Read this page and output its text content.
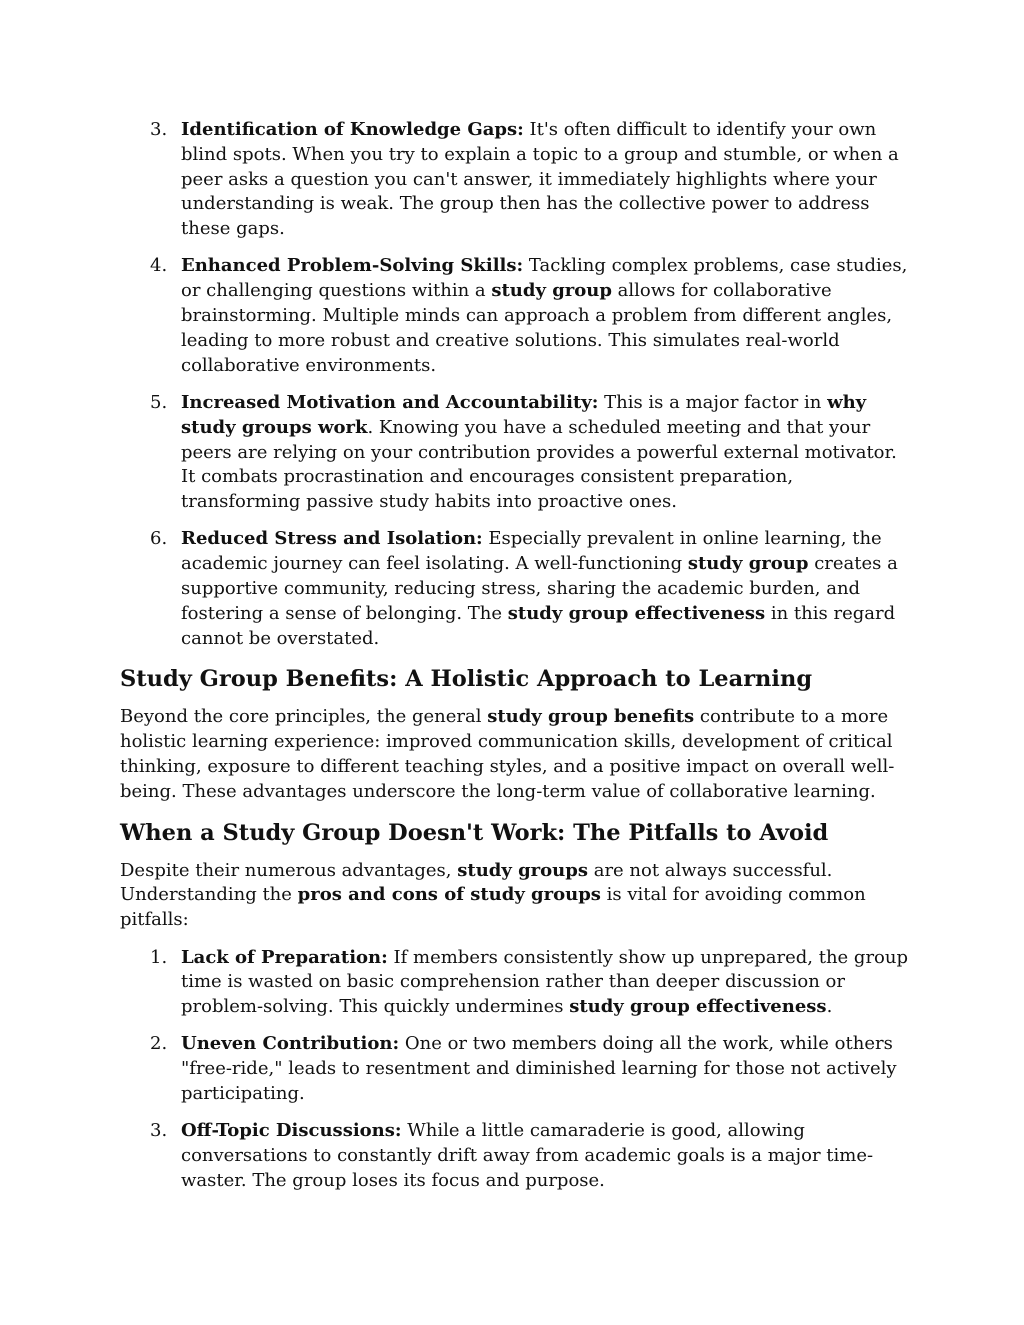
3. Identification of Knowledge Gaps: It's often difficult to identify your own blind spots. When you try to explain a topic to a group and stumble, or when a peer asks a question you can't answer, it immediately highlights where your understanding is weak. The group then has the collective power to address these gaps.
4. Enhanced Problem-Solving Skills: Tackling complex problems, case studies, or challenging questions within a study group allows for collaborative brainstorming. Multiple minds can approach a problem from different angles, leading to more robust and creative solutions. This simulates real-world collaborative environments.
5. Increased Motivation and Accountability: This is a major factor in why study groups work. Knowing you have a scheduled meeting and that your peers are relying on your contribution provides a powerful external motivator. It combats procrastination and encourages consistent preparation, transforming passive study habits into proactive ones.
6. Reduced Stress and Isolation: Especially prevalent in online learning, the academic journey can feel isolating. A well-functioning study group creates a supportive community, reducing stress, sharing the academic burden, and fostering a sense of belonging. The study group effectiveness in this regard cannot be overstated.
Study Group Benefits: A Holistic Approach to Learning

Beyond the core principles, the general study group benefits contribute to a more holistic learning experience: improved communication skills, development of critical thinking, exposure to different teaching styles, and a positive impact on overall well-being. These advantages underscore the long-term value of collaborative learning.

When a Study Group Doesn't Work: The Pitfalls to Avoid

Despite their numerous advantages, study groups are not always successful. Understanding the pros and cons of study groups is vital for avoiding common pitfalls:

1. Lack of Preparation: If members consistently show up unprepared, the group time is wasted on basic comprehension rather than deeper discussion or problem-solving. This quickly undermines study group effectiveness.
2. Uneven Contribution: One or two members doing all the work, while others "free-ride," leads to resentment and diminished learning for those not actively participating.
3. Off-Topic Discussions: While a little camaraderie is good, allowing conversations to constantly drift away from academic goals is a major time-waster. The group loses its focus and purpose.
